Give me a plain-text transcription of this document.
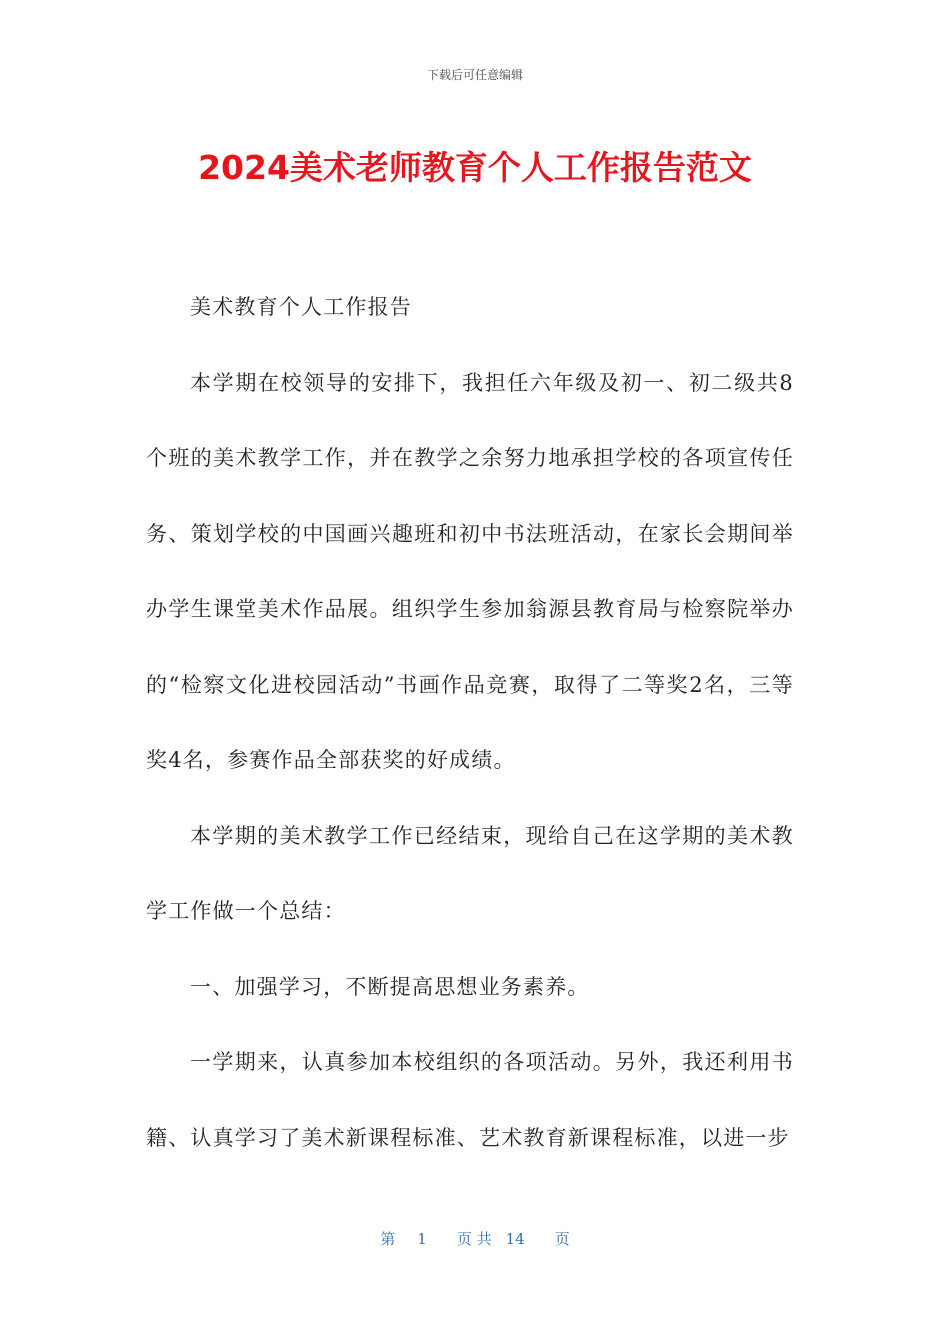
下载后可任意编辑
2024美术老师教育个人工作报告范文

美术教育个人工作报告

本学期在校领导的安排下，我担任六年级及初一、初二级共8个班的美术教学工作，并在教学之余努力地承担学校的各项宣传任务、策划学校的中国画兴趣班和初中书法班活动，在家长会期间举办学生课堂美术作品展。组织学生参加翁源县教育局与检察院举办的“检察文化进校园活动”书画作品竞赛，取得了二等奖2名，三等奖4名，参赛作品全部获奖的好成绩。

本学期的美术教学工作已经结束，现给自己在这学期的美术教学工作做一个总结：

一、加强学习，不断提高思想业务素养。

一学期来，认真参加本校组织的各项活动。另外，我还利用书籍、认真学习了美术新课程标准、艺术教育新课程标准，以进一步

第 1 页 共 14 页
